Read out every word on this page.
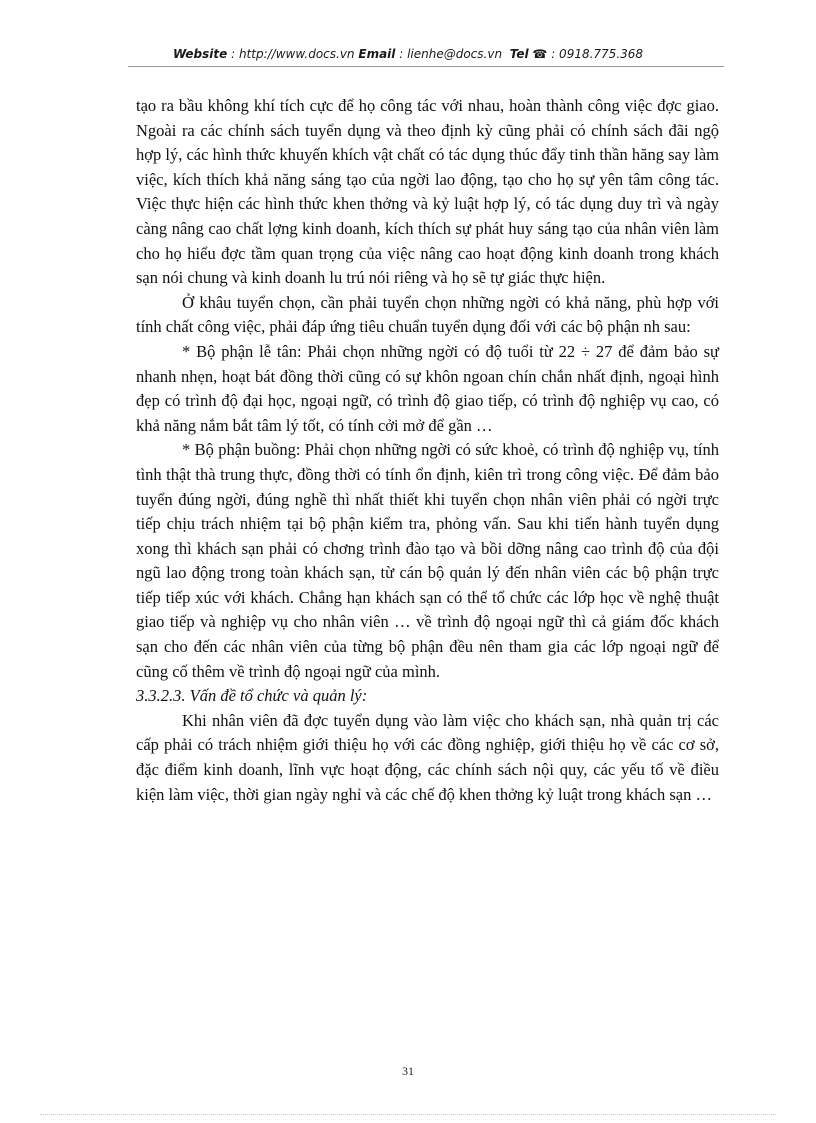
Website : http://www.docs.vn Email : lienhe@docs.vn Tel ☎ : 0918.775.368

tạo ra bầu không khí tích cực để họ công tác với nhau, hoàn thành công việc đợc giao. Ngoài ra các chính sách tuyển dụng và theo định kỳ cũng phải có chính sách đãi ngộ hợp lý, các hình thức khuyến khích vật chất có tác dụng thúc đẩy tinh thần hăng say làm việc, kích thích khả năng sáng tạo của ngời lao động, tạo cho họ sự yên tâm công tác. Việc thực hiện các hình thức khen thởng và kỷ luật hợp lý, có tác dụng duy trì và ngày càng nâng cao chất lợng kinh doanh, kích thích sự phát huy sáng tạo của nhân viên làm cho họ hiểu đợc tầm quan trọng của việc nâng cao hoạt động kinh doanh trong khách sạn nói chung và kinh doanh lu trú nói riêng và họ sẽ tự giác thực hiện.

Ở khâu tuyển chọn, cần phải tuyển chọn những ngời có khả năng, phù hợp với tính chất công việc, phải đáp ứng tiêu chuẩn tuyển dụng đối với các bộ phận nh sau:

* Bộ phận lễ tân: Phải chọn những ngời có độ tuổi từ 22 ÷ 27 để đảm bảo sự nhanh nhẹn, hoạt bát đồng thời cũng có sự khôn ngoan chín chắn nhất định, ngoại hình đẹp có trình độ đại học, ngoại ngữ, có trình độ giao tiếp, có trình độ nghiệp vụ cao, có khả năng nắm bắt tâm lý tốt, có tính cởi mở để gần …

* Bộ phận buồng: Phải chọn những ngời có sức khoẻ, có trình độ nghiệp vụ, tính tình thật thà trung thực, đồng thời có tính ổn định, kiên trì trong công việc. Để đảm bảo tuyển đúng ngời, đúng nghề thì nhất thiết khi tuyển chọn nhân viên phải có ngời trực tiếp chịu trách nhiệm tại bộ phận kiểm tra, phỏng vấn. Sau khi tiến hành tuyển dụng xong thì khách sạn phải có chơng trình đào tạo và bồi dỡng nâng cao trình độ của đội ngũ lao động trong toàn khách sạn, từ cán bộ quản lý đến nhân viên các bộ phận trực tiếp tiếp xúc với khách. Chẳng hạn khách sạn có thể tổ chức các lớp học về nghệ thuật giao tiếp và nghiệp vụ cho nhân viên … về trình độ ngoại ngữ thì cả giám đốc khách sạn cho đến các nhân viên của từng bộ phận đều nên tham gia các lớp ngoại ngữ để cũng cố thêm về trình độ ngoại ngữ của mình.

3.3.2.3. Vấn đề tổ chức và quản lý:

Khi nhân viên đã đợc tuyển dụng vào làm việc cho khách sạn, nhà quản trị các cấp phải có trách nhiệm giới thiệu họ với các đồng nghiệp, giới thiệu họ về các cơ sở, đặc điểm kinh doanh, lĩnh vực hoạt động, các chính sách nội quy, các yếu tố về điều kiện làm việc, thời gian ngày nghỉ và các chế độ khen thởng kỷ luật trong khách sạn …

31
